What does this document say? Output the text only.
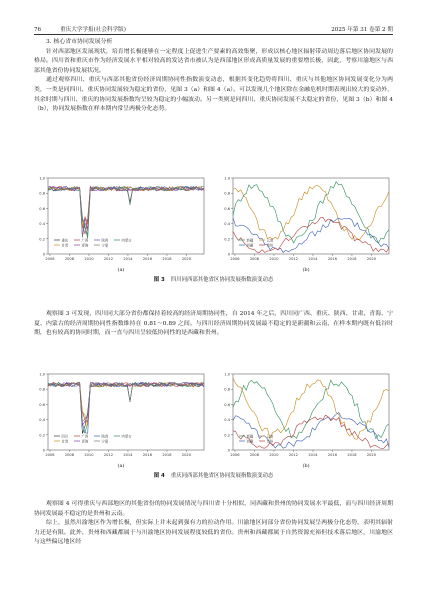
76	重庆大学学报(社会科学版)	2025 年第 31 卷第 2 期

3. 核心省市协同发展分析

针对西部地区发展现状，培育增长极能够在一定程度上促进生产要素的高效集聚，形成以核心地区辐射带动周边落后地区协同发展的格局。四川省和重庆市作为经济发展水平相对较高的发达省市被认为是西部地区形成高质量发展的重要增长极，因此，考察川渝地区与西部其他省份协同发展状况。

通过观察四川、重庆与西部其他省份经济周期协同性指数演变动态，根据其变化趋势将四川、重庆与其他地区协同发展变化分为两类，一类是同四川、重庆协同发展较为稳定的省份，见图 3（a）和图 4（a）。可以发现几个地区除在金融危机时期表现出较大的变动外，其余时期与四川、重庆的协同发展指数均呈较为稳定的小幅波动。另一类则是同四川、重庆协同发展不太稳定的省份，见图 3（b）和图 4（b），协同发展指数在样本期内常呈两极分化态势。

1.0
0.8
0.6
0.4
0.2
0
2006	2008	2010	2012	2014	2016	2018	2020
重庆	广西	陕西	内蒙古
甘肃	青海	宁夏
(a)
1.0
0.8
0.6
0.4
0.2
0
2006	2008	2010	2012	2014	2016	2018	2020
新疆	云南
西藏	贵州
(b)
图 3 四川同西部其他省区协同发展指数演变动态

观察图 3 可发现，四川同大部分省份都保持着较高的经济周期协同性，自 2014 年之后，四川同广西、重庆、陕西、甘肃、青海、宁夏、内蒙古的经济周期协同性指数维持在 0.81～0.89 之间。与四川经济周期协同发展最不稳定的是新疆和云南，在样本期内既有低谷时期，也有较高的协同时期，而一直与四川呈较低协同性的是西藏和贵州。

1.0
0.8
0.6
0.4
0.2
0
2006	2008	2010	2012	2014	2016	2018	2020
四川	广西	陕西	内蒙古
甘肃	青海	宁夏
(a)
1.0
0.8
0.6
0.4
0.2
0
2006	2008	2010	2012	2014	2016	2018	2020
新疆	云南
西藏	贵州
(b)
图 4 重庆同西部其他省区协同发展指数演变动态

观察图 4 可得重庆与西部地区的其他省份的协同发展情况与四川省十分相似，同西藏和贵州的协同发展水平最低，而与四川经济周期协同发展最不稳定的是贵州和云南。

综上，虽然川渝地区作为增长极，但实际上并未起到强有力的拉动作用。川渝地区同部分省份协同发展呈两极分化态势，表明其辐射力还是有限。此外，贵州和西藏都属于与川渝地区协同发展程度较低的省份。贵州和西藏都属于自然资源充裕但技术落后地区，川渝地区与这些偏远地区经
